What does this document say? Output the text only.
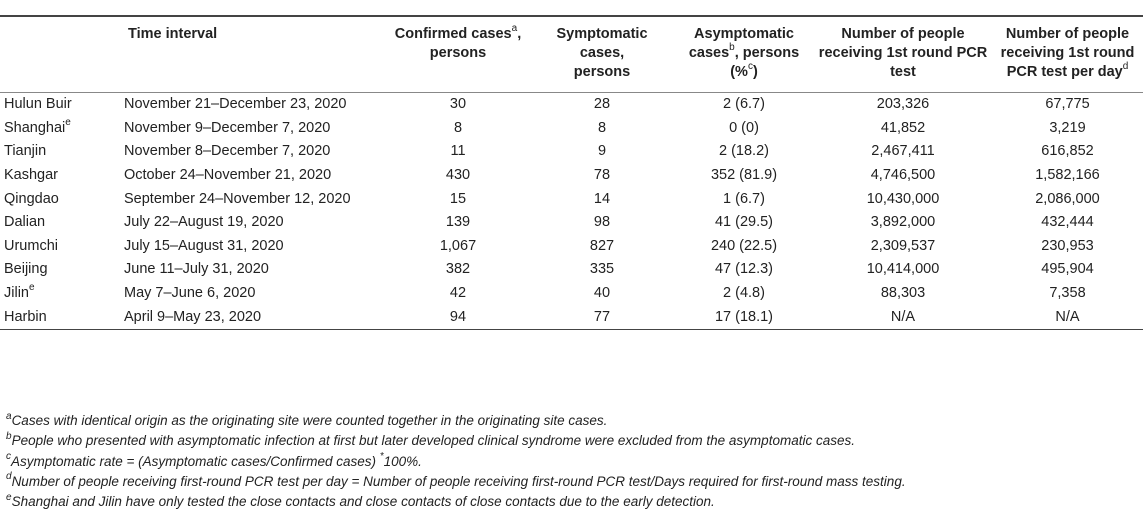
	Time interval	Confirmed cases$^a$, persons	Symptomatic
cases,
persons	Asymptomatic cases$^b$, persons (%$^c$)	Number of people receiving 1st round PCR test	Number of people receiving 1st round PCR test per day$^d$
Hulun Buir	November 21–December 23, 2020	30	28	2 (6.7)	203,326	67,775
Shanghai$^e$	November 9–December 7, 2020	8	8	0 (0)	41,852	3,219
Tianjin	November 8–December 7, 2020	11	9	2 (18.2)	2,467,411	616,852
Kashgar	October 24–November 21, 2020	430	78	352 (81.9)	4,746,500	1,582,166
Qingdao	September 24–November 12, 2020	15	14	1 (6.7)	10,430,000	2,086,000
Dalian	July 22–August 19, 2020	139	98	41 (29.5)	3,892,000	432,444
Urumchi	July 15–August 31, 2020	1,067	827	240 (22.5)	2,309,537	230,953
Beijing	June 11–July 31, 2020	382	335	47 (12.3)	10,414,000	495,904
Jilin$^e$	May 7–June 6, 2020	42	40	2 (4.8)	88,303	7,358
Harbin	April 9–May 23, 2020	94	77	17 (18.1)	N/A	N/A
$^a$Cases with identical origin as the originating site were counted together in the originating site cases.
$^b$People who presented with asymptomatic infection at first but later developed clinical syndrome were excluded from the asymptomatic cases.
$^c$Asymptomatic rate = (Asymptomatic cases/Confirmed cases) *100%.
$^d$Number of people receiving first-round PCR test per day = Number of people receiving first-round PCR test/Days required for first-round mass testing.
$^e$Shanghai and Jilin have only tested the close contacts and close contacts of close contacts due to the early detection.
